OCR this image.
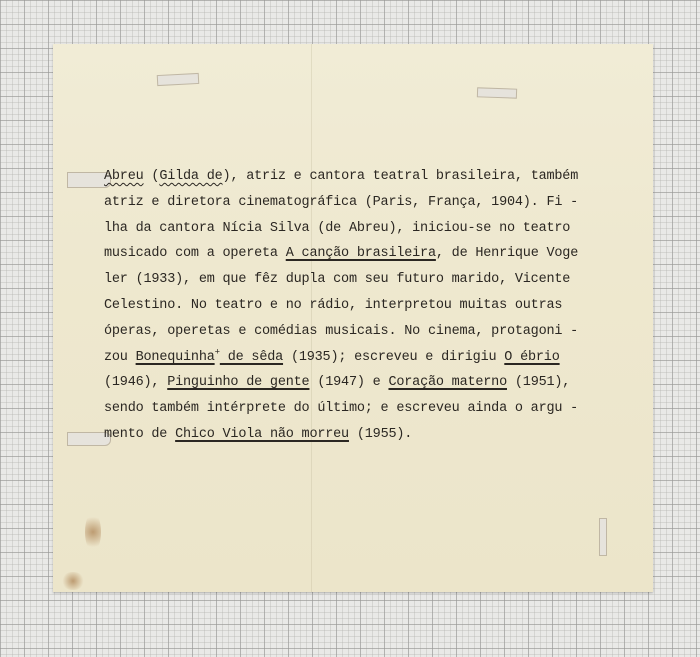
Abreu (Gilda de), atriz e cantora teatral brasileira, também
atriz e diretora cinematográfica (Paris, França, 1904). Fi -
lha da cantora Nícia Silva (de Abreu), iniciou-se no teatro
musicado com a opereta A canção brasileira, de Henrique Voge
ler (1933), em que fêz dupla com seu futuro marido, Vicente
Celestino. No teatro e no rádio, interpretou muitas outras
óperas, operetas e comédias musicais. No cinema, protagoni -
zou Bonequinha+ de sêda (1935); escreveu e dirigiu O ébrio
(1946), Pinguinho de gente (1947) e Coração materno (1951),
sendo também intérprete do último; e escreveu ainda o argu -
mento de Chico Viola não morreu (1955).
